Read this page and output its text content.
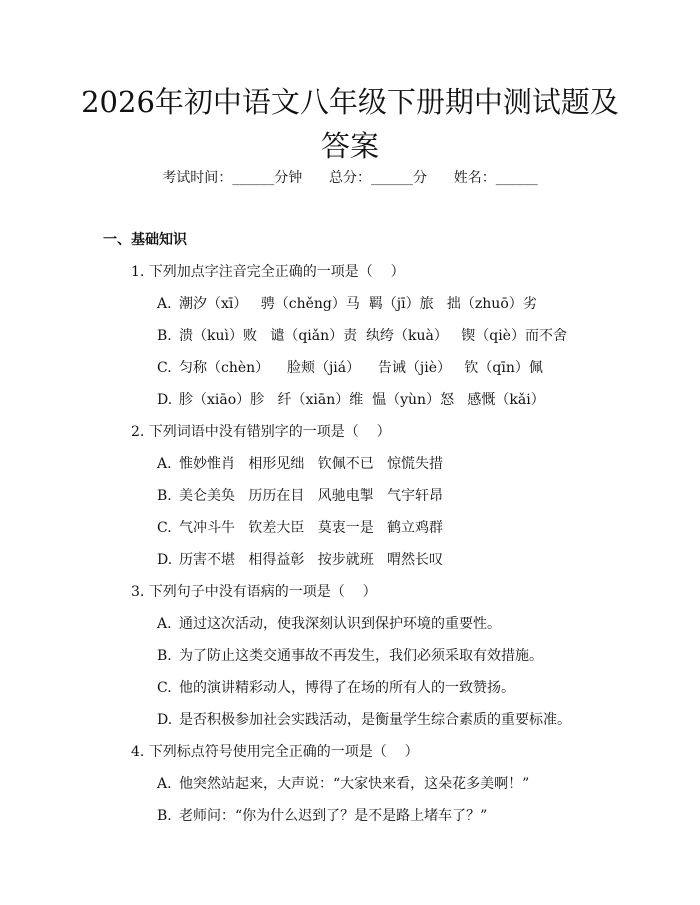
2026年初中语文八年级下册期中测试题及答案
考试时间：______分钟      总分：______分      姓名：______
一、基础知识
1. 下列加点字注音完全正确的一项是（    ）
A. 潮汐（xī）   骋（chěng）马  羁（jī）旅   拙（zhuō）劣
B. 溃（kuì）败   谴（qiǎn）责  纨绔（kuà）   锲（qiè）而不舍
C. 匀称（chèn）    脸颊（jiá）    告诫（jiè）   钦（qīn）佩
D. 胗（xiāo）胗   纤（xiān）维  愠（yùn）怒   感慨（kǎi）
2. 下列词语中没有错别字的一项是（    ）
A. 惟妙惟肖   相形见绌   钦佩不已   惊慌失措
B. 美仑美奂   历历在目   风驰电掣   气宇轩昂
C. 气冲斗牛   钦差大臣   莫衷一是   鹤立鸡群
D. 历害不堪   相得益彰   按步就班   喟然长叹
3. 下列句子中没有语病的一项是（    ）
A. 通过这次活动，使我深刻认识到保护环境的重要性。
B. 为了防止这类交通事故不再发生，我们必须采取有效措施。
C. 他的演讲精彩动人，博得了在场的所有人的一致赞扬。
D. 是否积极参加社会实践活动，是衡量学生综合素质的重要标准。
4. 下列标点符号使用完全正确的一项是（    ）
A. 他突然站起来，大声说：“大家快来看，这朵花多美啊！”
B. 老师问：“你为什么迟到了？是不是路上堵车了？”
